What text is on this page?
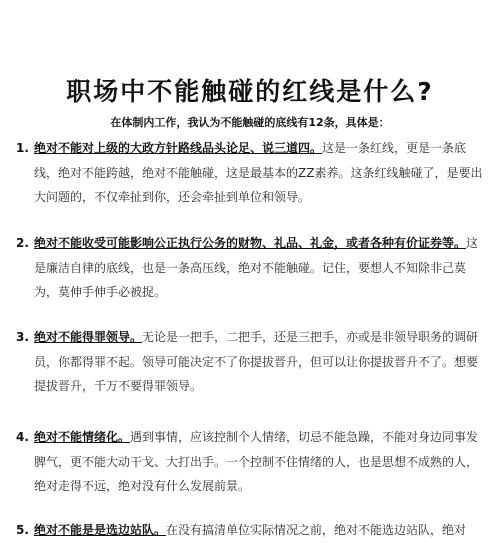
职场中不能触碰的红线是什么?
在体制内工作，我认为不能触碰的底线有12条，具体是：
1. 绝对不能对上级的大政方针路线品头论足、说三道四。这是一条红线，更是一条底线，绝对不能跨越，绝对不能触碰，这是最基本的ZZ素养。这条红线触碰了，是要出大问题的，不仅牵扯到你，还会牵扯到单位和领导。
2. 绝对不能收受可能影响公正执行公务的财物、礼品、礼金，或者各种有价证券等。这是廉洁自律的底线，也是一条高压线，绝对不能触碰。记住，要想人不知除非己莫为，莫伸手伸手必被捉。
3. 绝对不能得罪领导。无论是一把手，二把手，还是三把手，亦或是非领导职务的调研员，你都得罪不起。领导可能决定不了你提拔晋升，但可以让你提拔晋升不了。想要提拔晋升，千万不要得罪领导。
4. 绝对不能情绪化。遇到事情，应该控制个人情绪，切忌不能急躁，不能对身边同事发脾气，更不能大动干戈、大打出手。一个控制不住情绪的人，也是思想不成熟的人，绝对走得不远，绝对没有什么发展前景。
5. 绝对不能是是选边站队。在没有搞清单位实际情况之前，绝对不能选边站队，绝对
